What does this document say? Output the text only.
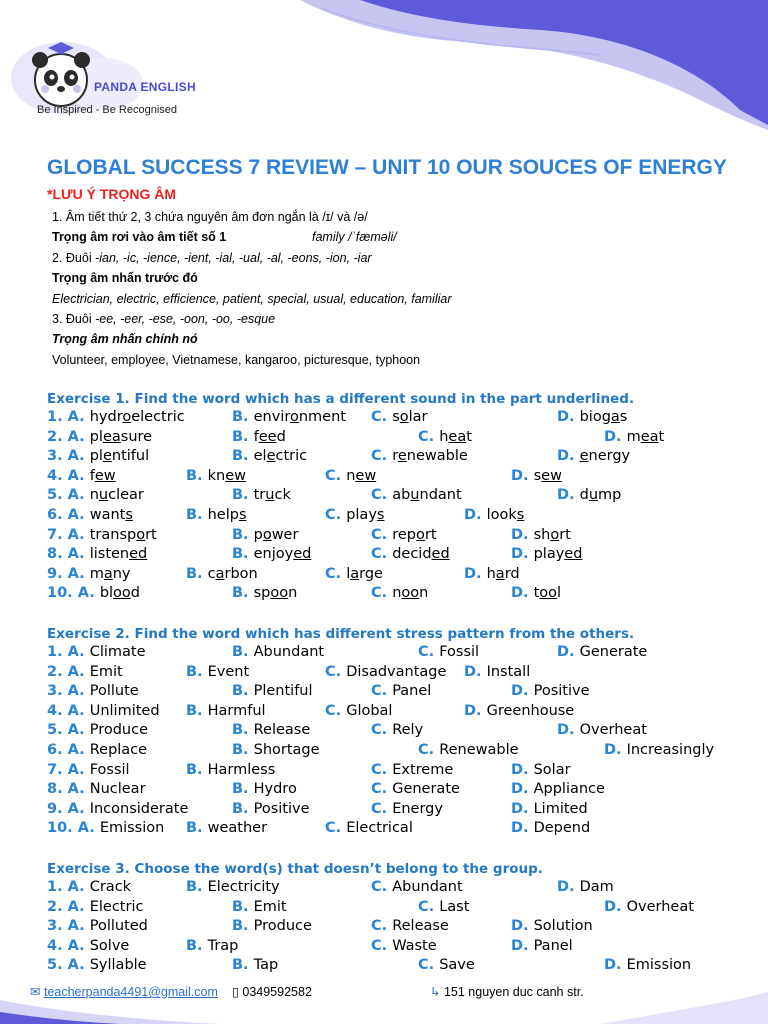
PANDA ENGLISH
Be Inspired - Be Recognised
GLOBAL SUCCESS 7 REVIEW – UNIT 10 OUR SOUCES OF ENERGY
*LƯU Ý TRỌNG ÂM
1. Âm tiết thứ 2, 3 chứa nguyên âm đơn ngắn là /ɪ/ và /ə/
Trọng âm rơi vào âm tiết số 1	family /ˈfæməli/
2. Đuôi -ian, -ic, -ience, -ient, -ial, -ual, -al, -eons, -ion, -iar
Trọng âm nhấn trước đó
Electrician, electric, efficience, patient, special, usual, education, familiar
3. Đuôi -ee, -eer, -ese, -oon, -oo, -esque
Trọng âm nhấn chính nó
Volunteer, employee, Vietnamese, kangaroo, picturesque, typhoon
Exercise 1. Find the word which has a different sound in the part underlined.
Exercise 2. Find the word which has different stress pattern from the others.
Exercise 3. Choose the word(s) that doesn’t belong to the group.
1. A. hydroelectric	B. environment C. solar	D. biogas
2. A. pleasure	B. feed	C. heat	D. meat
3. A. plentiful	B. electric	C. renewable	D. energy
4. A. few	B. knew	C. new	D. sew
5. A. nuclear	B. truck	C. abundant	D. dump
6. A. wants	B. helps	C. plays	D. looks
7. A. transport	B. power	C. report	D. short
8. A. listened	B. enjoyed	C. decided	D. played
9. A. many	B. carbon	C. large	D. hard
10. A. blood	B. spoon	C. noon	D. tool
1. A. Climate	B. Abundant	C. Fossil	D. Generate
2. A. Emit	B. Event	C. Disadvantage D. Install
3. A. Pollute	B. Plentiful	C. Panel	D. Positive
4. A. Unlimited B. Harmful	C. Global	D. Greenhouse
5. A. Produce	B. Release	C. Rely	D. Overheat
6. A. Replace	B. Shortage	C. Renewable	D. Increasingly
7. A. Fossil	B. Harmless	C. Extreme	D. Solar
8. A. Nuclear	B. Hydro	C. Generate	D. Appliance
9. A. Inconsiderate	B. Positive	C. Energy	D. Limited
10. A. Emission B. weather	C. Electrical	D. Depend
1. A. Crack	B. Electricity	C. Abundant	D. Dam
2. A. Electric	B. Emit	C. Last	D. Overheat
3. A. Polluted	B. Produce	C. Release	D. Solution
4. A. Solve	B. Trap	C. Waste	D. Panel
5. A. Syllable	B. Tap	C. Save	D. Emission
✉ teacherpanda4491@gmail.com ▯ 0349592582	↳ 151 nguyen duc canh str.
